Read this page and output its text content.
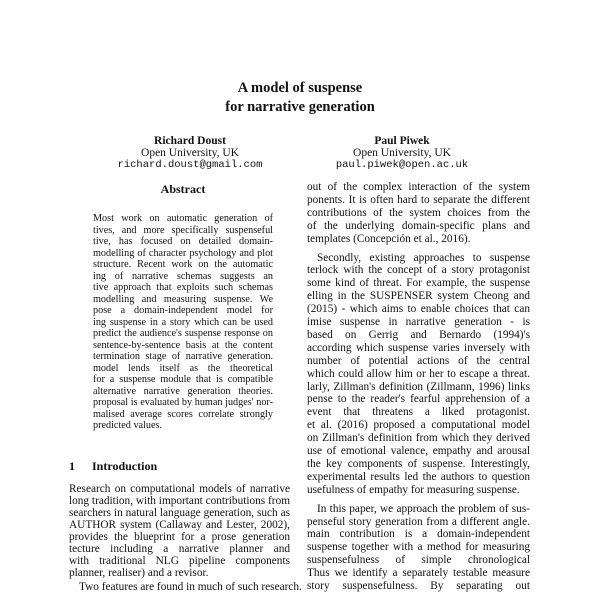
A model of suspense
for narrative generation
Richard Doust
Open University, UK
richard.doust@gmail.com
Paul Piwek
Open University, UK
paul.piwek@open.ac.uk
Abstract
Most work on automatic generation of
tives, and more specifically suspenseful
tive, has focused on detailed domain-
modelling of character psychology and plot
structure. Recent work on the automatic
ing of narrative schemas suggests an
tive approach that exploits such schemas
modelling and measuring suspense. We
pose a domain-independent model for
ing suspense in a story which can be used
predict the audience's suspense response on
sentence-by-sentence basis at the content
termination stage of narrative generation.
model lends itself as the theoretical
for a suspense module that is compatible
alternative narrative generation theories.
proposal is evaluated by human judges' nor-
malised average scores correlate strongly
predicted values.
1 Introduction
Research on computational models of narrative
long tradition, with important contributions from
searchers in natural language generation, such as
AUTHOR system (Callaway and Lester, 2002),
provides the blueprint for a prose generation
tecture including a narrative planner and
with traditional NLG pipeline components
planner, realiser) and a revisor.
Two features are found in much of such research.
out of the complex interaction of the system
ponents. It is often hard to separate the different
contributions of the system choices from the
of the underlying domain-specific plans and
templates (Concepción et al., 2016).
Secondly, existing approaches to suspense
terlock with the concept of a story protagonist
some kind of threat. For example, the suspense
elling in the SUSPENSER system Cheong and
(2015) - which aims to enable choices that can
imise suspense in narrative generation - is
based on Gerrig and Bernardo (1994)'s
according which suspense varies inversely with
number of potential actions of the central
which could allow him or her to escape a threat.
larly, Zillman's definition (Zillmann, 1996) links
pense to the reader's fearful apprehension of a
event that threatens a liked protagonist.
et al. (2016) proposed a computational model
on Zillman's definition from which they derived
use of emotional valence, empathy and arousal
the key components of suspense. Interestingly,
experimental results led the authors to question
usefulness of empathy for measuring suspense.
In this paper, we approach the problem of sus-
penseful story generation from a different angle.
main contribution is a domain-independent
suspense together with a method for measuring
suspensefulness of simple chronological
Thus we identify a separately testable measure
story suspensefulness. By separating out
